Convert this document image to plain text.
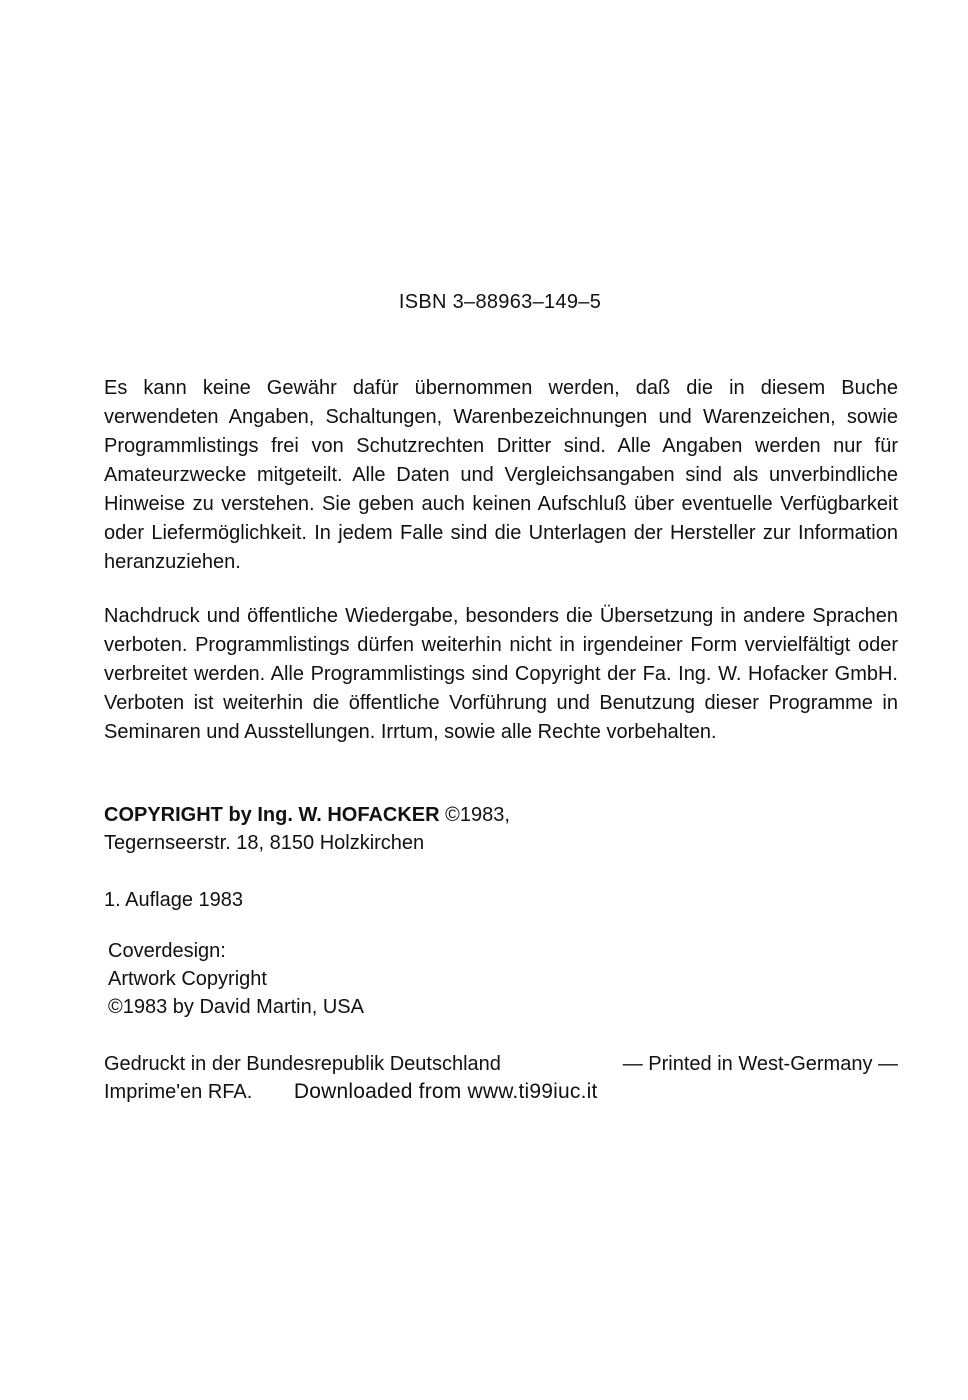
ISBN 3–88963–149–5

Es kann keine Gewähr dafür übernommen werden, daß die in diesem Buche verwendeten Angaben, Schaltungen, Warenbezeichnungen und Warenzeichen, sowie Programmlistings frei von Schutzrechten Dritter sind. Alle Angaben werden nur für Amateurzwecke mitgeteilt. Alle Daten und Vergleichsangaben sind als unverbindliche Hinweise zu verstehen. Sie geben auch keinen Aufschluß über eventuelle Verfügbarkeit oder Liefermöglichkeit. In jedem Falle sind die Unterlagen der Hersteller zur Information heranzuziehen.

Nachdruck und öffentliche Wiedergabe, besonders die Übersetzung in andere Sprachen verboten. Programmlistings dürfen weiterhin nicht in irgendeiner Form vervielfältigt oder verbreitet werden. Alle Programmlistings sind Copyright der Fa. Ing. W. Hofacker GmbH. Verboten ist weiterhin die öffentliche Vorführung und Benutzung dieser Programme in Seminaren und Ausstellungen. Irrtum, sowie alle Rechte vorbehalten.

COPYRIGHT by Ing. W. HOFACKER ©1983,
Tegernseerstr. 18, 8150 Holzkirchen
1. Auflage 1983
Coverdesign:
Artwork Copyright
©1983 by David Martin, USA
Gedruckt in der Bundesrepublik Deutschland	— Printed in West-Germany —
Imprime'en RFA. Downloaded from www.ti99iuc.it
